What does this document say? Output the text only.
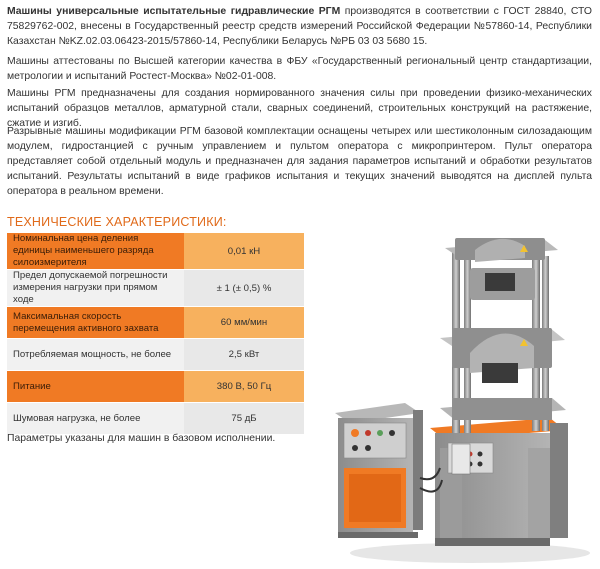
Машины универсальные испытательные гидравлические РГМ производятся в соответствии с ГОСТ 28840, СТО 75829762-002, внесены в Государственный реестр средств измерений Российской Федерации №57860-14, Республики Казахстан №KZ.02.03.06423-2015/57860-14, Республики Беларусь №РБ 03 03 5680 15.

Машины аттестованы по Высшей категории качества в ФБУ «Государственный региональный центр стандартизации, метрологии и испытаний Ростест-Москва» №02-01-008.

Машины РГМ предназначены для создания нормированного значения силы при проведении физико-механических испытаний образцов металлов, арматурной стали, сварных соединений, строительных конструкций на растяжение, сжатие и изгиб.

Разрывные машины модификации РГМ базовой комплектации оснащены четырех или шестиколонным силозадающим модулем, гидростанцией с ручным управлением и пультом оператора с микропринтером. Пульт оператора представляет собой отдельный модуль и предназначен для задания параметров испытаний и обработки результатов испытаний. Результаты испытаний в виде графиков испытания и текущих значений выводятся на дисплей пульта оператора в реальном времени.

ТЕХНИЧЕСКИЕ ХАРАКТЕРИСТИКИ:
Номинальная цена деления единицы наименьшего разряда силоизмерителя	0,01 кН
Предел допускаемой погрешности измерения нагрузки при прямом ходе	± 1 (± 0,5) %
Максимальная скорость перемещения активного захвата	60 мм/мин
Потребляемая мощность, не более	2,5 кВт
Питание	380 В, 50 Гц
Шумовая нагрузка, не более	75 дБ
Параметры указаны для машин в базовом исполнении.
